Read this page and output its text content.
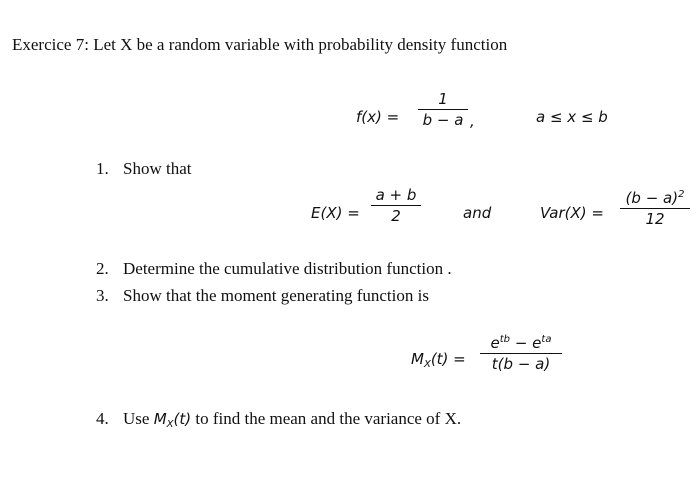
Exercice 7: Let X be a random variable with probability density function
f(x) =
1
b − a ,	a ≤ x ≤ b
1. Show that
E(X) =
a + b
2	and	Var(X) =
$(b - a)^2$
12
2. Determine the cumulative distribution function .
3. Show that the moment generating function is
$M_X(t)$ =
$e^{tb} - e^{ta}$
t(b − a)
4. Use $M_X(t)$ to find the mean and the variance of X.
